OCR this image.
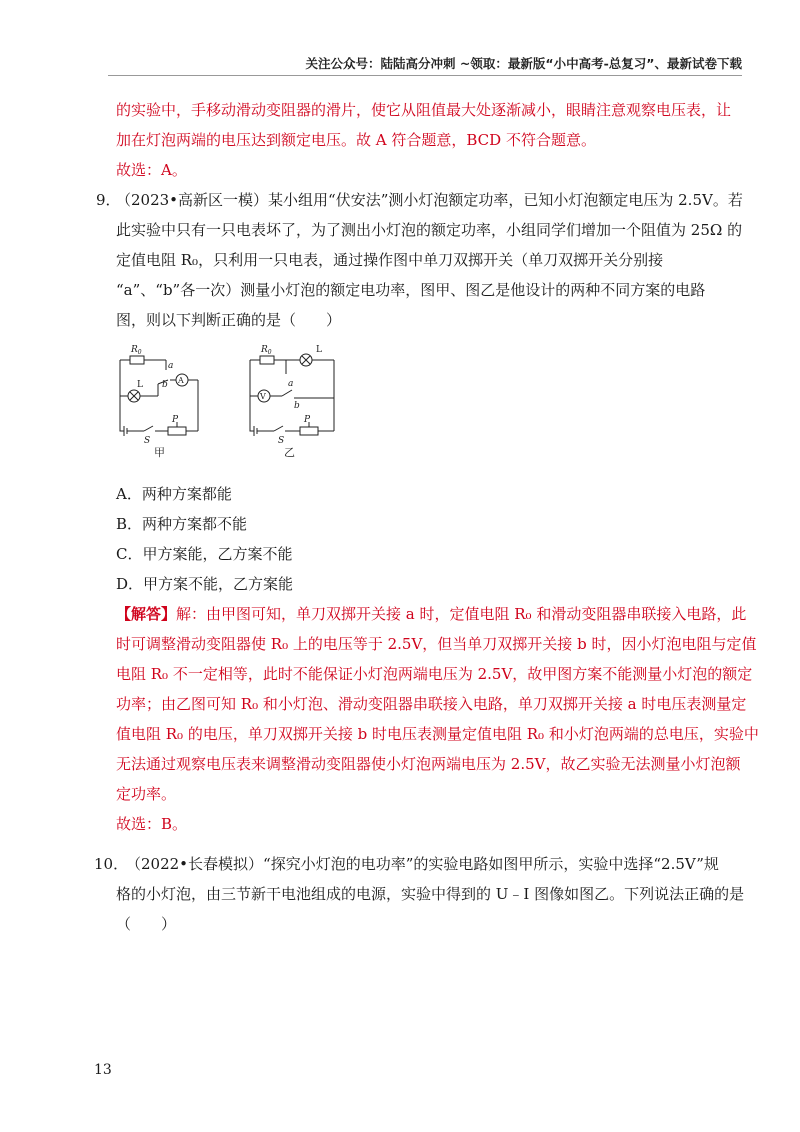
关注公众号：陆陆高分冲刺 ~领取：最新版“小中高考-总复习”、最新试卷下载
的实验中，手移动滑动变阻器的滑片，使它从阻值最大处逐渐减小，眼睛注意观察电压表，让
加在灯泡两端的电压达到额定电压。故 A 符合题意，BCD 不符合题意。
故选：A。
9．
（2023•高新区一模）某小组用“伏安法”测小灯泡额定功率，已知小灯泡额定电压为 2.5V。若
此实验中只有一只电表坏了，为了测出小灯泡的额定功率，小组同学们增加一个阻值为 25Ω 的
定值电阻 R₀，只利用一只电表，通过操作图中单刀双掷开关（单刀双掷开关分别接
“a”、“b”各一次）测量小灯泡的额定电功率，图甲、图乙是他设计的两种不同方案的电路
图，则以下判断正确的是（　　）
$R_0$
a
b A
L
P
S
甲
$R_0$
a
b
V
L
P
S
乙
A．两种方案都能
B．两种方案都不能
C．甲方案能，乙方案不能
D．甲方案不能，乙方案能
【解答】解：由甲图可知，单刀双掷开关接 a 时，定值电阻 R₀ 和滑动变阻器串联接入电路，此
时可调整滑动变阻器使 R₀ 上的电压等于 2.5V，但当单刀双掷开关接 b 时，因小灯泡电阻与定值
电阻 R₀ 不一定相等，此时不能保证小灯泡两端电压为 2.5V，故甲图方案不能测量小灯泡的额定
功率；由乙图可知 R₀ 和小灯泡、滑动变阻器串联接入电路，单刀双掷开关接 a 时电压表测量定
值电阻 R₀ 的电压，单刀双掷开关接 b 时电压表测量定值电阻 R₀ 和小灯泡两端的总电压，实验中
无法通过观察电压表来调整滑动变阻器使小灯泡两端电压为 2.5V，故乙实验无法测量小灯泡额
定功率。
故选：B。
10．
（2022•长春模拟）“探究小灯泡的电功率”的实验电路如图甲所示，实验中选择“2.5V”规
格的小灯泡，由三节新干电池组成的电源，实验中得到的 U﹣I 图像如图乙。下列说法正确的是
（　　）
13
